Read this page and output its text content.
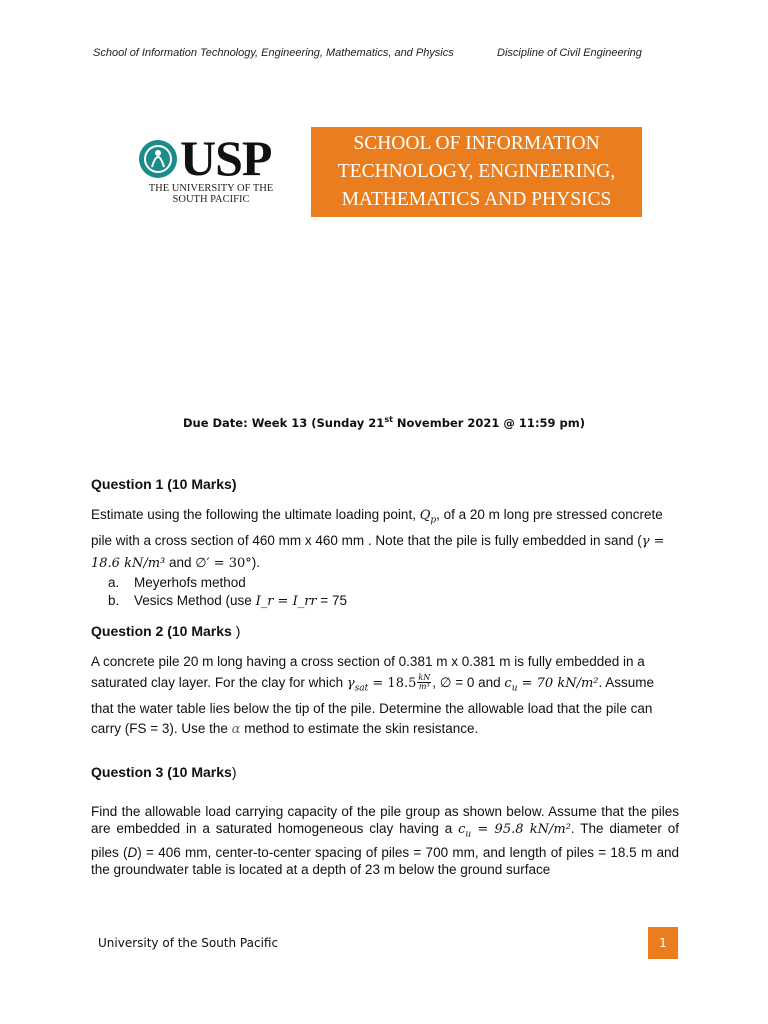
School of Information Technology, Engineering, Mathematics, and Physics	Discipline of Civil Engineering
USP
THE UNIVERSITY OF THE
SOUTH PACIFIC
SCHOOL OF INFORMATION
TECHNOLOGY, ENGINEERING,
MATHEMATICS AND PHYSICS
Due Date: Week 13 (Sunday 21st November 2021 @ 11:59 pm)
Question 1 (10 Marks)
Estimate using the following the ultimate loading point, $Q_p$, of a 20 m long pre stressed concrete pile with a cross section of 460 mm x 460 mm . Note that the pile is fully embedded in sand (γ = 18.6 kN/m³ and ∅′ = 30°).
a. Meyerhofs method
b. Vesics Method (use I_r = I_rr = 75
Question 2 (10 Marks )
A concrete pile 20 m long having a cross section of 0.381 m x 0.381 m is fully embedded in a saturated clay layer. For the clay for which $\gamma_{sat} = 18.5 \frac{kN}{\text{m³}}$ , ∅ = 0 and $c_u = 70$ kN/m². Assume that the water table lies below the tip of the pile. Determine the allowable load that the pile can carry (FS = 3). Use the α method to estimate the skin resistance.
Question 3 (10 Marks)
Find the allowable load carrying capacity of the pile group as shown below. Assume that the piles are embedded in a saturated homogeneous clay having a $c_u = 95.8$ kN/m². The diameter of piles (D) = 406 mm, center-to-center spacing of piles = 700 mm, and length of piles = 18.5 m and the groundwater table is located at a depth of 23 m below the ground surface
University of the South Pacific	1
